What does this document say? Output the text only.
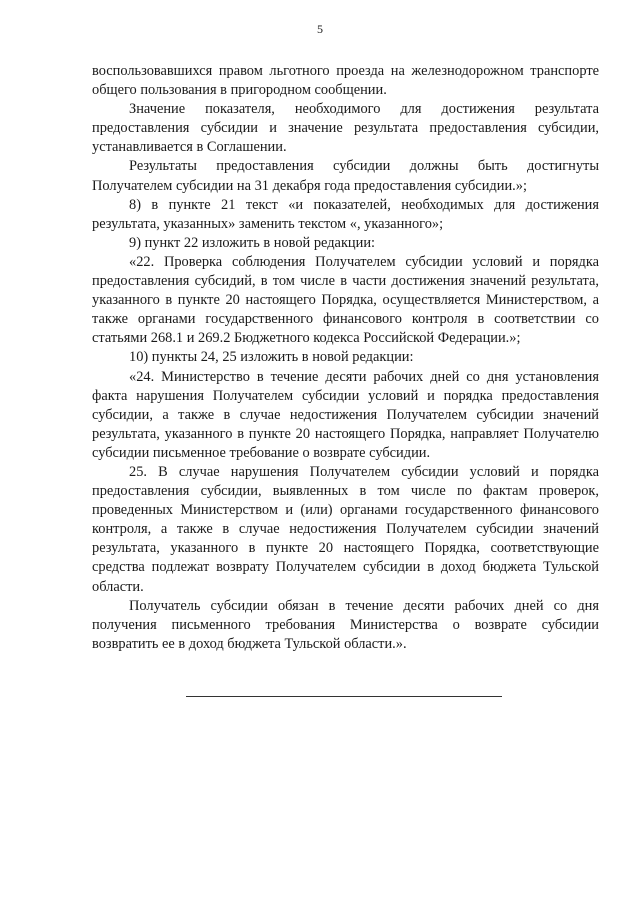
5

воспользовавшихся правом льготного проезда на железнодорожном транспорте общего пользования в пригородном сообщении.

Значение показателя, необходимого для достижения результата предоставления субсидии и значение результата предоставления субсидии, устанавливается в Соглашении.

Результаты предоставления субсидии должны быть достигнуты Получателем субсидии на 31 декабря года предоставления субсидии.»;

8) в пункте 21 текст «и показателей, необходимых для достижения результата, указанных» заменить текстом «, указанного»;

9) пункт 22 изложить в новой редакции:

«22. Проверка соблюдения Получателем субсидии условий и порядка предоставления субсидий, в том числе в части достижения значений результата, указанного в пункте 20 настоящего Порядка, осуществляется Министерством, а также органами государственного финансового контроля в соответствии со статьями 268.1 и 269.2 Бюджетного кодекса Российской Федерации.»;

10) пункты 24, 25 изложить в новой редакции:

«24. Министерство в течение десяти рабочих дней со дня установления факта нарушения Получателем субсидии условий и порядка предоставления субсидии, а также в случае недостижения Получателем субсидии значений результата, указанного в пункте 20 настоящего Порядка, направляет Получателю субсидии письменное требование о возврате субсидии.

25. В случае нарушения Получателем субсидии условий и порядка предоставления субсидии, выявленных в том числе по фактам проверок, проведенных Министерством и (или) органами государственного финансового контроля, а также в случае недостижения Получателем субсидии значений результата, указанного в пункте 20 настоящего Порядка, соответствующие средства подлежат возврату Получателем субсидии в доход бюджета Тульской области.

Получатель субсидии обязан в течение десяти рабочих дней со дня получения письменного требования Министерства о возврате субсидии возвратить ее в доход бюджета Тульской области.».
